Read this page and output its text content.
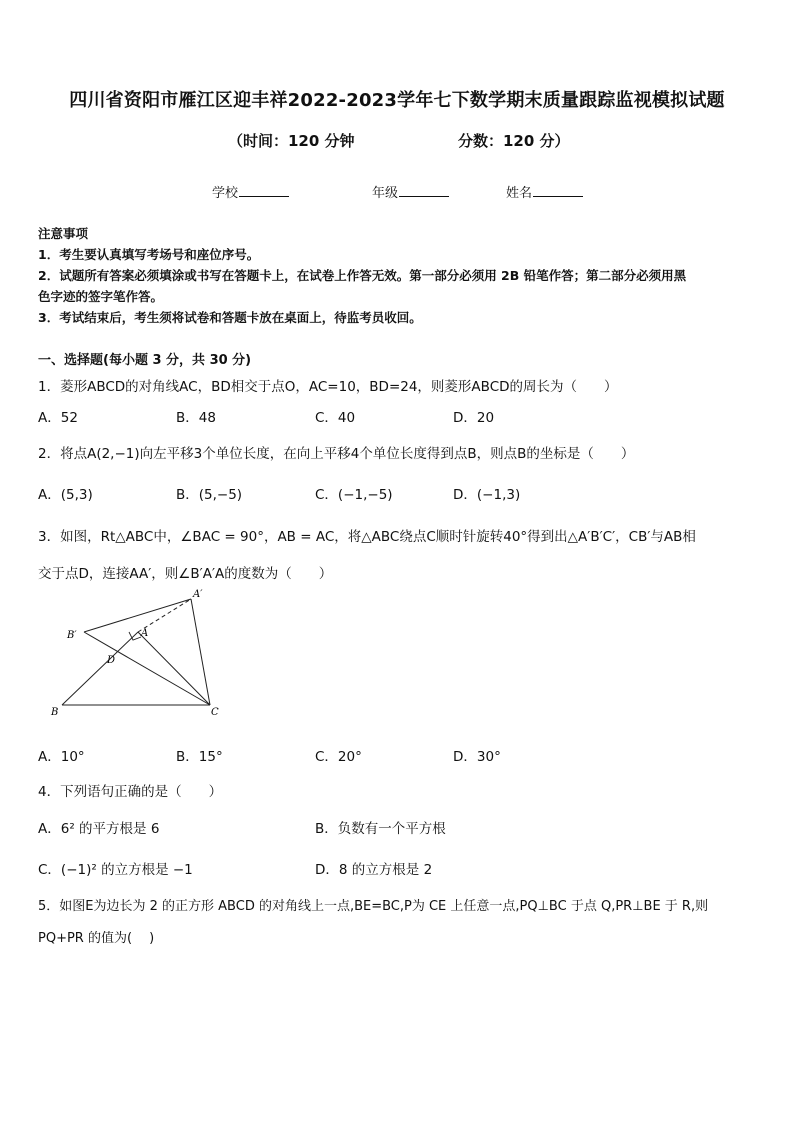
四川省资阳市雁江区迎丰祥2022-2023学年七下数学期末质量跟踪监视模拟试题
（时间：120 分钟	分数：120 分）
学校	年级	姓名
注意事项
1．考生要认真填写考场号和座位序号。
2．试题所有答案必须填涂或书写在答题卡上，在试卷上作答无效。第一部分必须用 2B 铅笔作答；第二部分必须用黑
色字迹的签字笔作答。
3．考试结束后，考生须将试卷和答题卡放在桌面上，待监考员收回。
一、选择题(每小题 3 分，共 30 分)
1．菱形ABCD的对角线AC，BD相交于点O，AC=10，BD=24，则菱形ABCD的周长为（　　）
A．52	B．48	C．40	D．20
2．将点A(2,−1)向左平移3个单位长度，在向上平移4个单位长度得到点B，则点B的坐标是（　　）
A．(5,3)	B．(5,−5)	C．(−1,−5)	D．(−1,3)
3．如图，Rt△ABC中，∠BAC = 90°，AB = AC，将△ABC绕点C顺时针旋转40°得到出△A′B′C′，CB′与AB相
交于点D，连接AA′，则∠B′A′A的度数为（　　）
A′
B′	A
D
B	C
A．10°	B．15°	C．20°	D．30°
4．下列语句正确的是（　　）
A．6² 的平方根是 6	B．负数有一个平方根
C．(−1)² 的立方根是 −1	D．8 的立方根是 2
5．如图E为边长为 2 的正方形 ABCD 的对角线上一点,BE=BC,P为 CE 上任意一点,PQ⊥BC 于点 Q,PR⊥BE 于 R,则
PQ+PR 的值为(　 )
